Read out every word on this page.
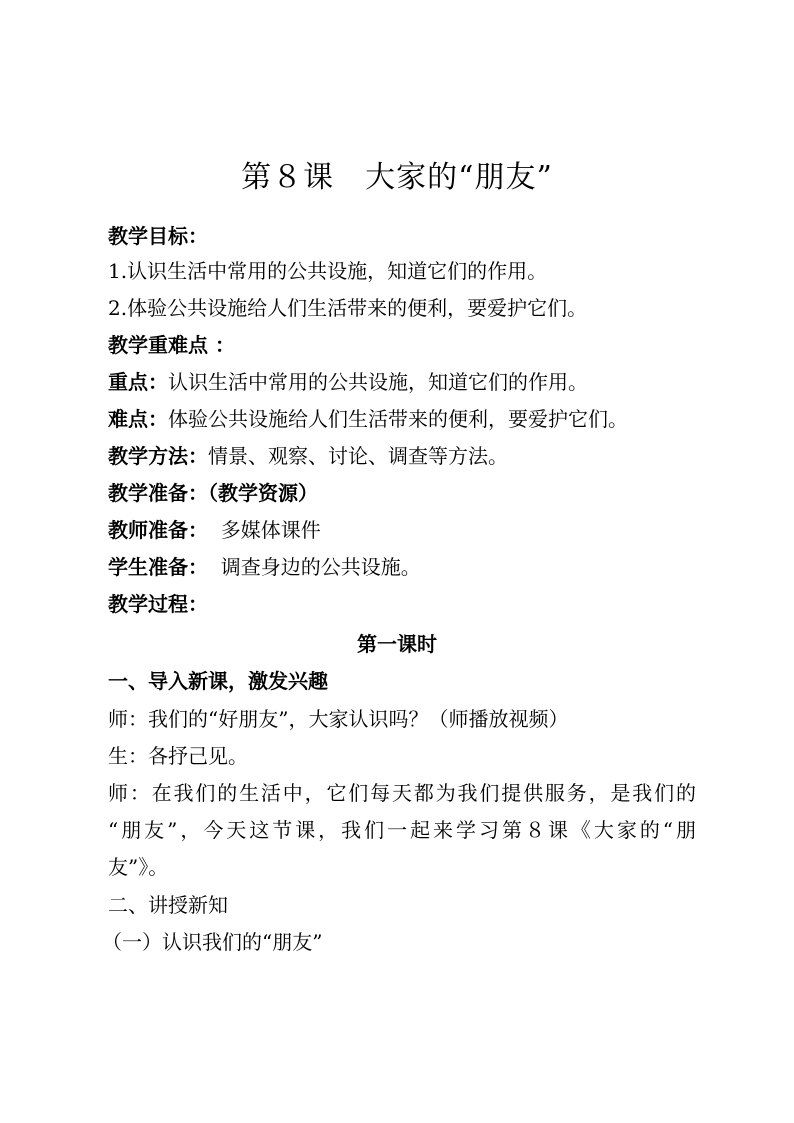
第８课　大家的“朋友”
教学目标：
1.认识生活中常用的公共设施，知道它们的作用。
2.体验公共设施给人们生活带来的便利，要爱护它们。
教学重难点 ：
重点：认识生活中常用的公共设施，知道它们的作用。
难点：体验公共设施给人们生活带来的便利，要爱护它们。
教学方法：情景、观察、讨论、调查等方法。
教学准备：（教学资源）
教师准备：  多媒体课件
学生准备：  调查身边的公共设施。
教学过程：
第一课时
一、导入新课，激发兴趣
师：我们的“好朋友”，大家认识吗？（师播放视频）
生：各抒己见。
师：在我们的生活中，它们每天都为我们提供服务，是我们的
“朋友”，今天这节课，我们一起来学习第８课《大家的“朋
友”》。
二、讲授新知
（一）认识我们的“朋友”
